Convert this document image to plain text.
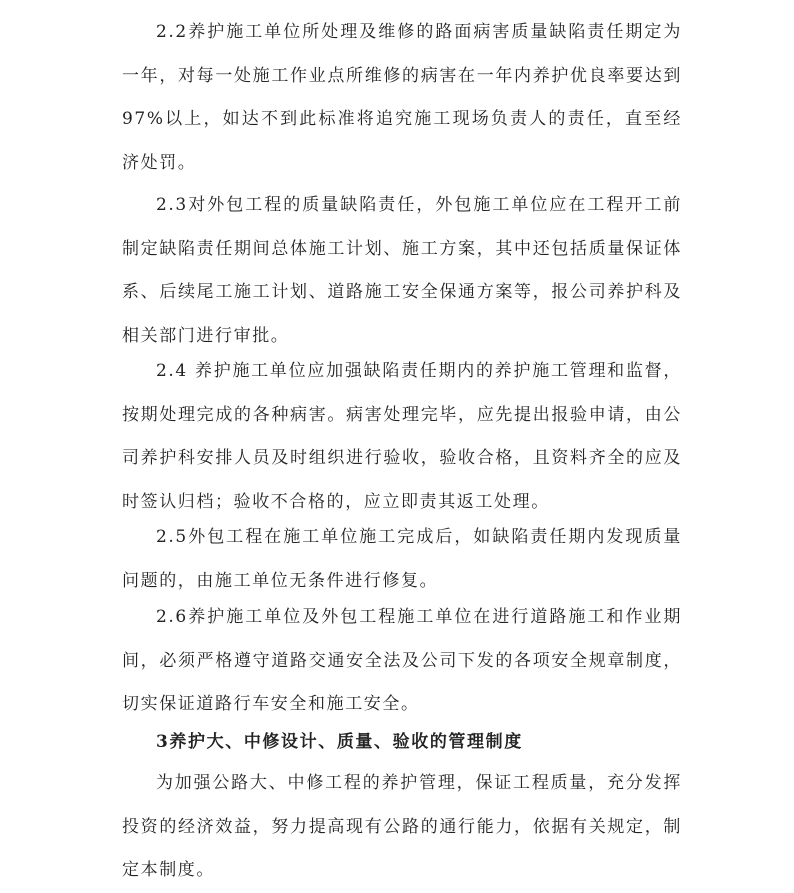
2.2养护施工单位所处理及维修的路面病害质量缺陷责任期定为一年，对每一处施工作业点所维修的病害在一年内养护优良率要达到97%以上，如达不到此标准将追究施工现场负责人的责任，直至经济处罚。

2.3对外包工程的质量缺陷责任，外包施工单位应在工程开工前制定缺陷责任期间总体施工计划、施工方案，其中还包括质量保证体系、后续尾工施工计划、道路施工安全保通方案等，报公司养护科及相关部门进行审批。

2.4 养护施工单位应加强缺陷责任期内的养护施工管理和监督，按期处理完成的各种病害。病害处理完毕，应先提出报验申请，由公司养护科安排人员及时组织进行验收，验收合格，且资料齐全的应及时签认归档；验收不合格的，应立即责其返工处理。

2.5外包工程在施工单位施工完成后，如缺陷责任期内发现质量问题的，由施工单位无条件进行修复。

2.6养护施工单位及外包工程施工单位在进行道路施工和作业期间，必须严格遵守道路交通安全法及公司下发的各项安全规章制度，切实保证道路行车安全和施工安全。

3养护大、中修设计、质量、验收的管理制度

为加强公路大、中修工程的养护管理，保证工程质量，充分发挥投资的经济效益，努力提高现有公路的通行能力，依据有关规定，制定本制度。
